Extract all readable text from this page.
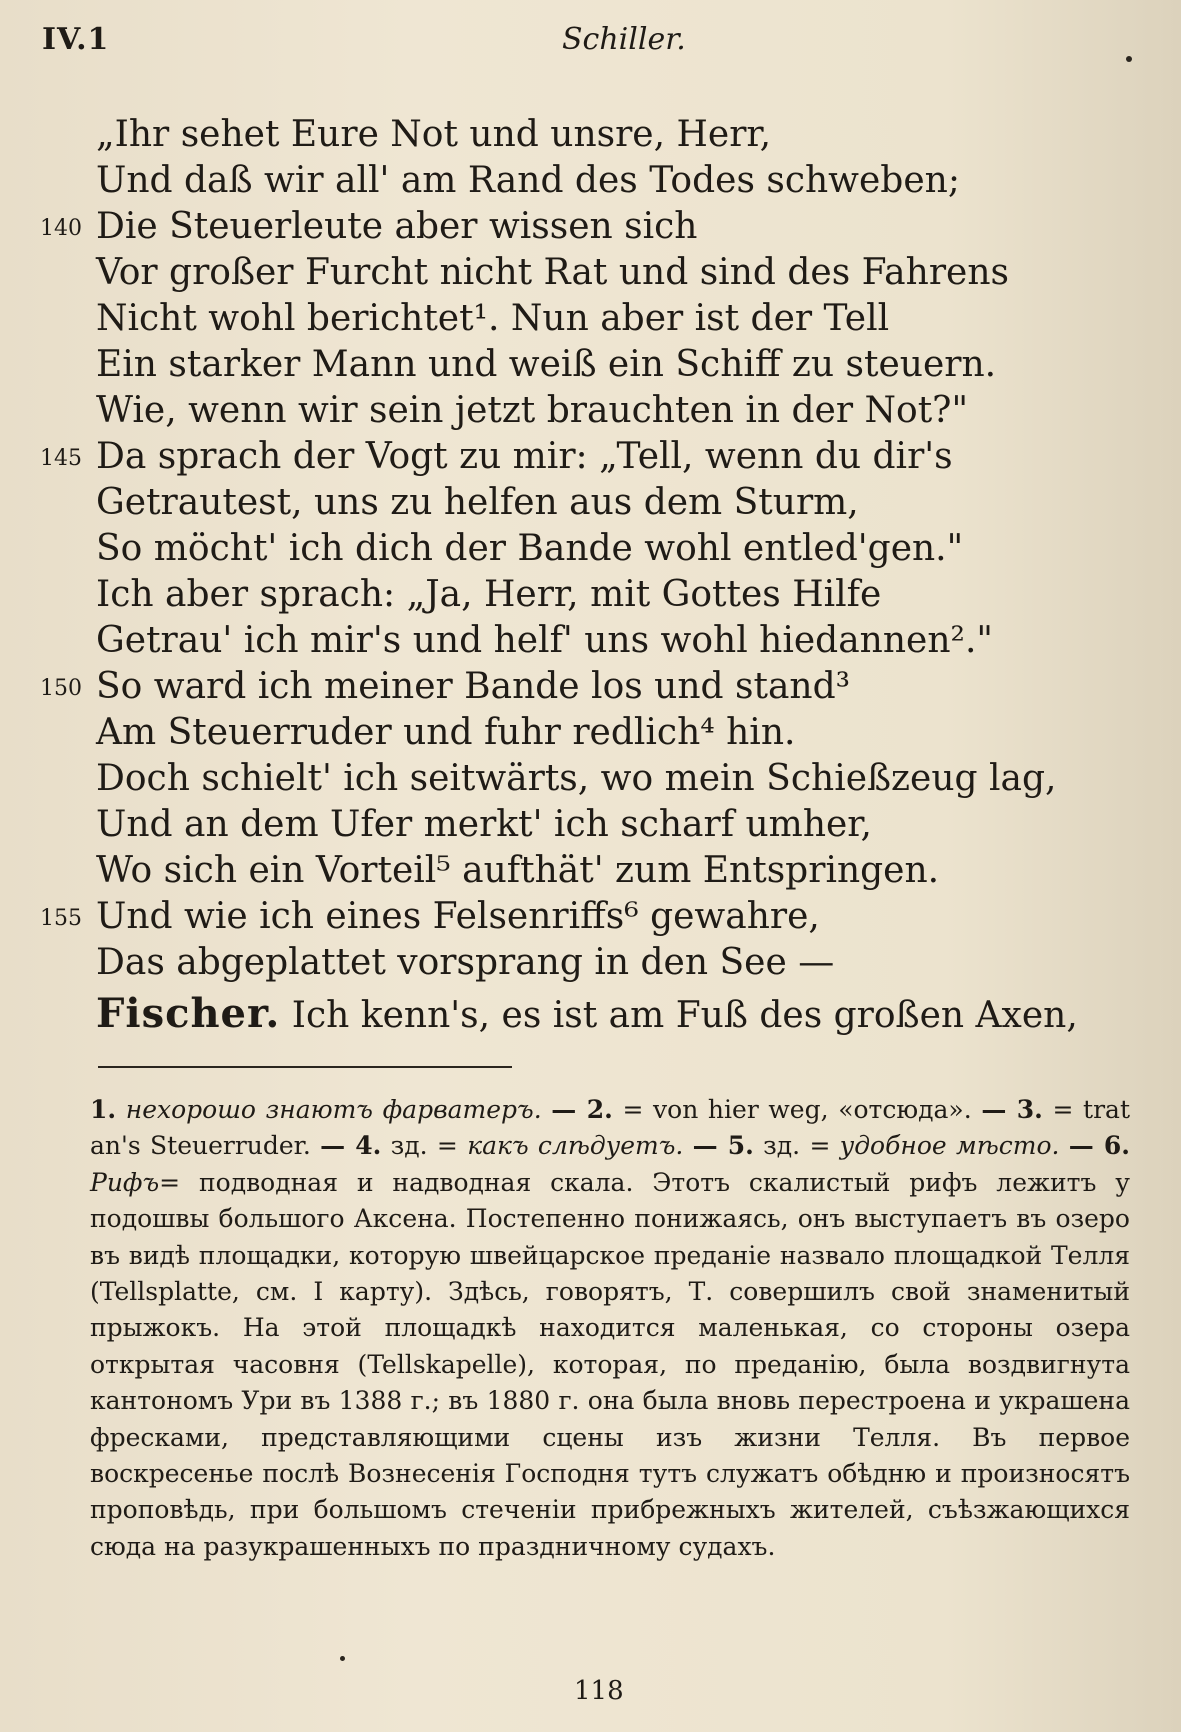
IV.1	Schiller.
„Ihr sehet Eure Not und unsre, Herr,
Und daß wir all' am Rand des Todes schweben;
140 Die Steuerleute aber wissen sich
Vor großer Furcht nicht Rat und sind des Fahrens
Nicht wohl berichtet¹. Nun aber ist der Tell
Ein starker Mann und weiß ein Schiff zu steuern.
Wie, wenn wir sein jetzt brauchten in der Not?"
145 Da sprach der Vogt zu mir: „Tell, wenn du dir's
Getrautest, uns zu helfen aus dem Sturm,
So möcht' ich dich der Bande wohl entled'gen."
Ich aber sprach: „Ja, Herr, mit Gottes Hilfe
Getrau' ich mir's und helf' uns wohl hiedannen²."
150 So ward ich meiner Bande los und stand³
Am Steuerruder und fuhr redlich⁴ hin.
Doch schielt' ich seitwärts, wo mein Schießzeug lag,
Und an dem Ufer merkt' ich scharf umher,
Wo sich ein Vorteil⁵ aufthät' zum Entspringen.
155 Und wie ich eines Felsenriffs⁶ gewahre,
Das abgeplattet vorsprang in den See —
Fischer. Ich kenn's, es ist am Fuß des großen Axen,
1. нехорошо знаютъ фарватеръ. — 2. = von hier weg, «отсюда». — 3. = trat an's Steuerruder. — 4. зд. = какъ слѣдуетъ. — 5. зд. = удобное мѣсто. — 6. Рифъ= подводная и надводная скала. Этотъ скалистый рифъ лежитъ у подошвы большого Аксена. Постепенно понижаясь, онъ выступаетъ въ озеро въ видѣ площадки, которую швейцарское преданіе назвало площадкой Телля (Tellsplatte, см. I карту). Здѣсь, говорятъ, Т. совершилъ свой знаменитый прыжокъ. На этой площадкѣ находится маленькая, со стороны озера открытая часовня (Tellskapelle), которая, по преданію, была воздвигнута кантономъ Ури въ 1388 г.; въ 1880 г. она была вновь перестроена и украшена фресками, представляющими сцены изъ жизни Телля. Въ первое воскресенье послѣ Вознесенія Господня тутъ служатъ обѣдню и произносятъ проповѣдь, при большомъ стеченіи прибрежныхъ жителей, съѣзжающихся сюда на разукрашенныхъ по праздничному судахъ.
118
